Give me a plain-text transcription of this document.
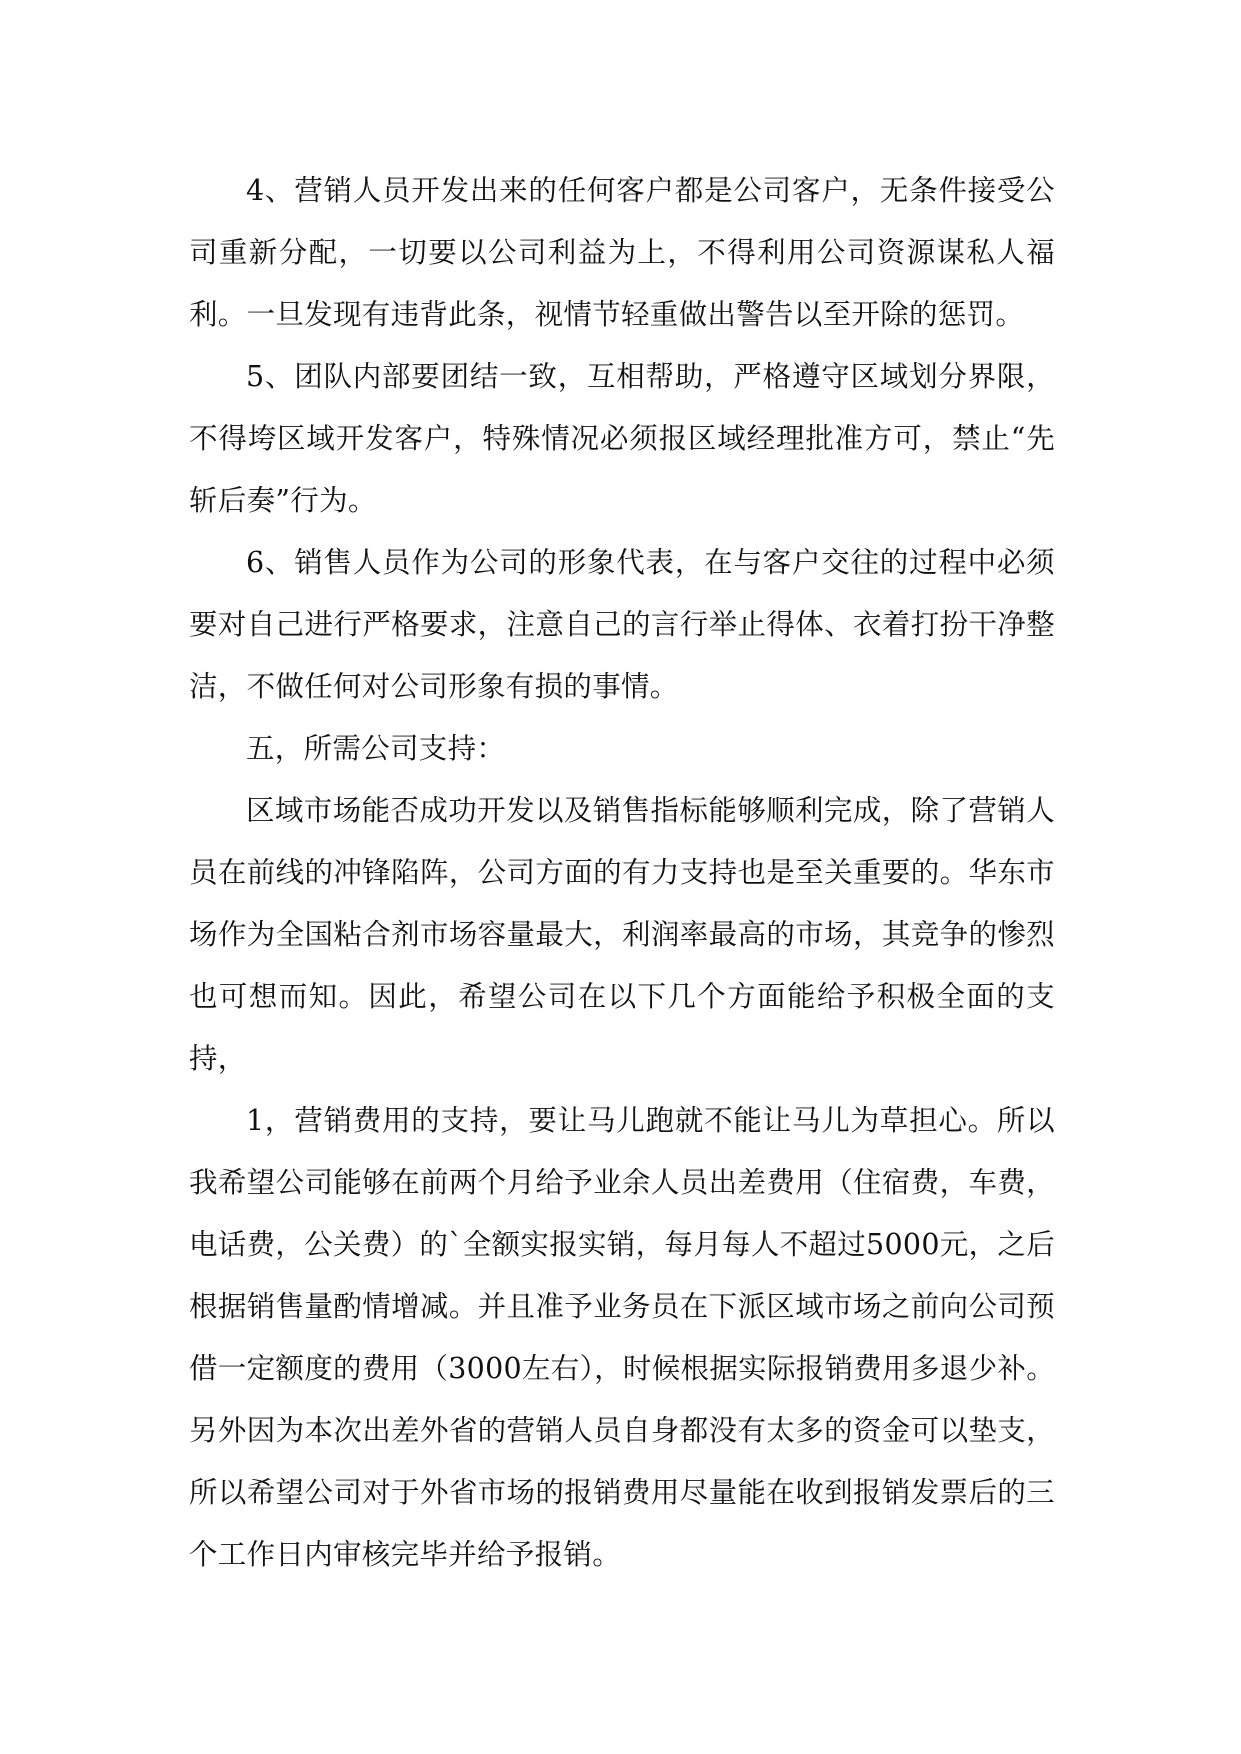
4、营销人员开发出来的任何客户都是公司客户，无条件接受公司重新分配，一切要以公司利益为上，不得利用公司资源谋私人福利。一旦发现有违背此条，视情节轻重做出警告以至开除的惩罚。

5、团队内部要团结一致，互相帮助，严格遵守区域划分界限，不得垮区域开发客户，特殊情况必须报区域经理批准方可，禁止“先斩后奏”行为。

6、销售人员作为公司的形象代表，在与客户交往的过程中必须要对自己进行严格要求，注意自己的言行举止得体、衣着打扮干净整洁，不做任何对公司形象有损的事情。

五，所需公司支持：

区域市场能否成功开发以及销售指标能够顺利完成，除了营销人员在前线的冲锋陷阵，公司方面的有力支持也是至关重要的。华东市场作为全国粘合剂市场容量最大，利润率最高的市场，其竞争的惨烈也可想而知。因此，希望公司在以下几个方面能给予积极全面的支持，

1，营销费用的支持，要让马儿跑就不能让马儿为草担心。所以我希望公司能够在前两个月给予业余人员出差费用（住宿费，车费，电话费，公关费）的`全额实报实销，每月每人不超过5000元，之后根据销售量酌情增减。并且准予业务员在下派区域市场之前向公司预借一定额度的费用（3000左右），时候根据实际报销费用多退少补。另外因为本次出差外省的营销人员自身都没有太多的资金可以垫支，所以希望公司对于外省市场的报销费用尽量能在收到报销发票后的三个工作日内审核完毕并给予报销。
